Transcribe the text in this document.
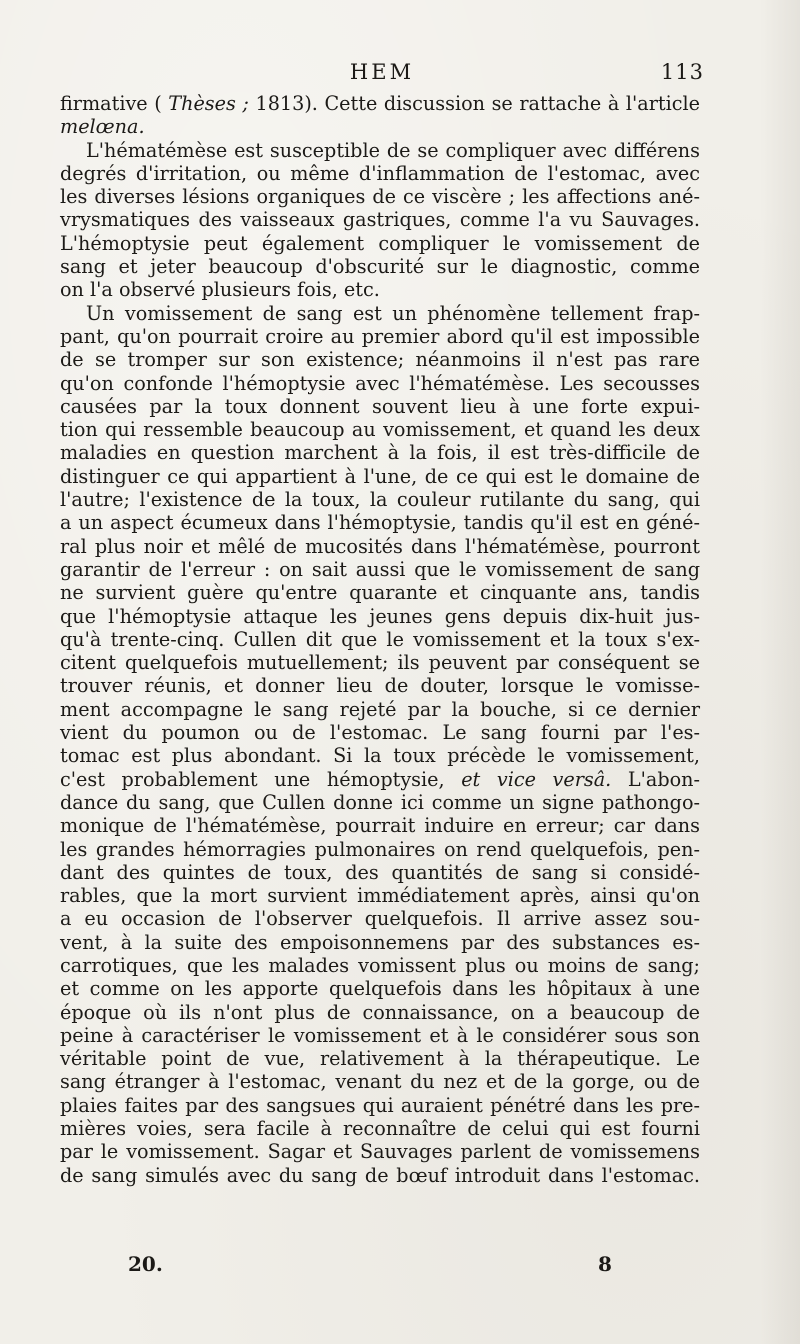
HEM	113
firmative ( Thèses ; 1813). Cette discussion se rattache à l'article
melœna.
L'hématémèse est susceptible de se compliquer avec différens
degrés d'irritation, ou même d'inflammation de l'estomac, avec
les diverses lésions organiques de ce viscère ; les affections ané-
vrysmatiques des vaisseaux gastriques, comme l'a vu Sauvages.
L'hémoptysie peut également compliquer le vomissement de
sang et jeter beaucoup d'obscurité sur le diagnostic, comme
on l'a observé plusieurs fois, etc.
Un vomissement de sang est un phénomène tellement frap-
pant, qu'on pourrait croire au premier abord qu'il est impossible
de se tromper sur son existence; néanmoins il n'est pas rare
qu'on confonde l'hémoptysie avec l'hématémèse. Les secousses
causées par la toux donnent souvent lieu à une forte expui-
tion qui ressemble beaucoup au vomissement, et quand les deux
maladies en question marchent à la fois, il est très-difficile de
distinguer ce qui appartient à l'une, de ce qui est le domaine de
l'autre; l'existence de la toux, la couleur rutilante du sang, qui
a un aspect écumeux dans l'hémoptysie, tandis qu'il est en géné-
ral plus noir et mêlé de mucosités dans l'hématémèse, pourront
garantir de l'erreur : on sait aussi que le vomissement de sang
ne survient guère qu'entre quarante et cinquante ans, tandis
que l'hémoptysie attaque les jeunes gens depuis dix-huit jus-
qu'à trente-cinq. Cullen dit que le vomissement et la toux s'ex-
citent quelquefois mutuellement; ils peuvent par conséquent se
trouver réunis, et donner lieu de douter, lorsque le vomisse-
ment accompagne le sang rejeté par la bouche, si ce dernier
vient du poumon ou de l'estomac. Le sang fourni par l'es-
tomac est plus abondant. Si la toux précède le vomissement,
c'est probablement une hémoptysie, et vice versâ. L'abon-
dance du sang, que Cullen donne ici comme un signe pathongo-
monique de l'hématémèse, pourrait induire en erreur; car dans
les grandes hémorragies pulmonaires on rend quelquefois, pen-
dant des quintes de toux, des quantités de sang si considé-
rables, que la mort survient immédiatement après, ainsi qu'on
a eu occasion de l'observer quelquefois. Il arrive assez sou-
vent, à la suite des empoisonnemens par des substances es-
carrotiques, que les malades vomissent plus ou moins de sang;
et comme on les apporte quelquefois dans les hôpitaux à une
époque où ils n'ont plus de connaissance, on a beaucoup de
peine à caractériser le vomissement et à le considérer sous son
véritable point de vue, relativement à la thérapeutique. Le
sang étranger à l'estomac, venant du nez et de la gorge, ou de
plaies faites par des sangsues qui auraient pénétré dans les pre-
mières voies, sera facile à reconnaître de celui qui est fourni
par le vomissement. Sagar et Sauvages parlent de vomissemens
de sang simulés avec du sang de bœuf introduit dans l'estomac.
20.	8
